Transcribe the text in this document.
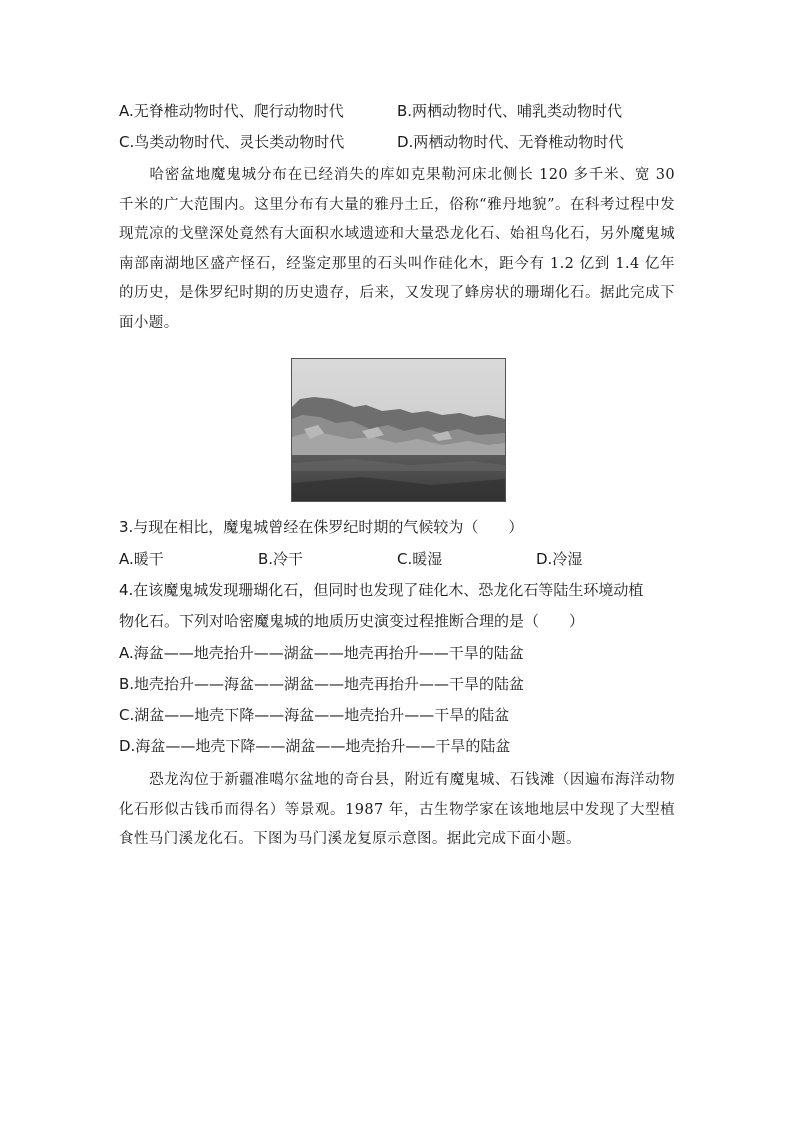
A.无脊椎动物时代、爬行动物时代	B.两栖动物时代、哺乳类动物时代
C.鸟类动物时代、灵长类动物时代	D.两栖动物时代、无脊椎动物时代
哈密盆地魔鬼城分布在已经消失的库如克果勒河床北侧长 120 多千米、宽 30 千米的广大范围内。这里分布有大量的雅丹土丘，俗称“雅丹地貌”。在科考过程中发现荒凉的戈壁深处竟然有大面积水域遗迹和大量恐龙化石、始祖鸟化石，另外魔鬼城南部南湖地区盛产怪石，经鉴定那里的石头叫作硅化木，距今有 1.2 亿到 1.4 亿年的历史，是侏罗纪时期的历史遗存，后来，又发现了蜂房状的珊瑚化石。据此完成下面小题。
3.与现在相比，魔鬼城曾经在侏罗纪时期的气候较为（　　）
A.暖干	B.冷干	C.暖湿	D.冷湿
4.在该魔鬼城发现珊瑚化石，但同时也发现了硅化木、恐龙化石等陆生环境动植
物化石。下列对哈密魔鬼城的地质历史演变过程推断合理的是（　　）
A.海盆——地壳抬升——湖盆——地壳再抬升——干旱的陆盆
B.地壳抬升——海盆——湖盆——地壳再抬升——干旱的陆盆
C.湖盆——地壳下降——海盆——地壳抬升——干旱的陆盆
D.海盆——地壳下降——湖盆——地壳抬升——干旱的陆盆
恐龙沟位于新疆准噶尔盆地的奇台县，附近有魔鬼城、石钱滩（因遍布海洋动物化石形似古钱币而得名）等景观。1987 年，古生物学家在该地地层中发现了大型植食性马门溪龙化石。下图为马门溪龙复原示意图。据此完成下面小题。
